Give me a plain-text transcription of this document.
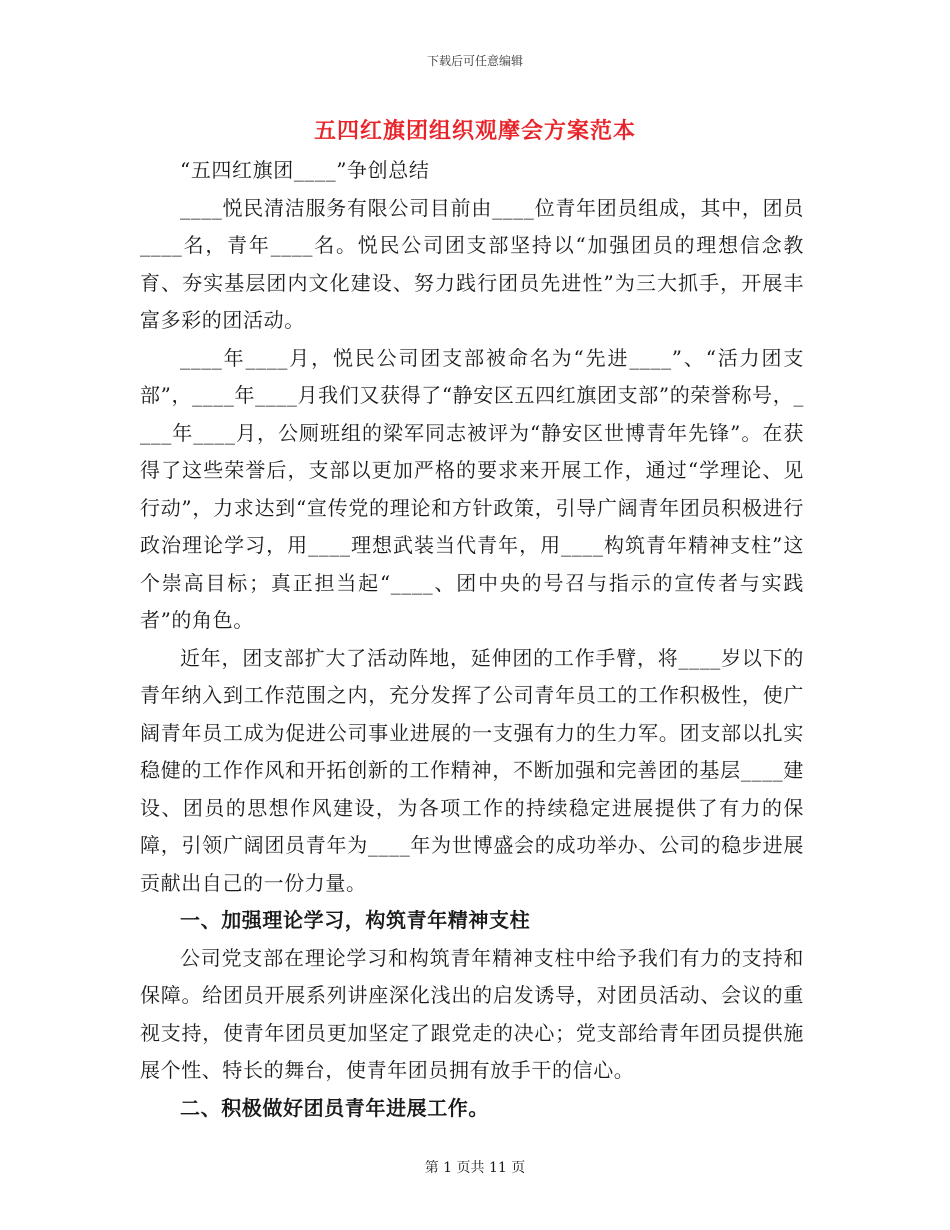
下载后可任意编辑
五四红旗团组织观摩会方案范本

“五四红旗团____”争创总结

____悦民清洁服务有限公司目前由____位青年团员组成，其中，团员____名，青年____名。悦民公司团支部坚持以“加强团员的理想信念教育、夯实基层团内文化建设、努力践行团员先进性”为三大抓手，开展丰富多彩的团活动。

____年____月，悦民公司团支部被命名为“先进____”、“活力团支部”，____年____月我们又获得了“静安区五四红旗团支部”的荣誉称号，____年____月，公厕班组的梁军同志被评为“静安区世博青年先锋”。在获得了这些荣誉后，支部以更加严格的要求来开展工作，通过“学理论、见行动”，力求达到“宣传党的理论和方针政策，引导广阔青年团员积极进行政治理论学习，用____理想武装当代青年，用____构筑青年精神支柱”这个崇高目标；真正担当起“____、团中央的号召与指示的宣传者与实践者”的角色。

近年，团支部扩大了活动阵地，延伸团的工作手臂，将____岁以下的青年纳入到工作范围之内，充分发挥了公司青年员工的工作积极性，使广阔青年员工成为促进公司事业进展的一支强有力的生力军。团支部以扎实稳健的工作作风和开拓创新的工作精神，不断加强和完善团的基层____建设、团员的思想作风建设，为各项工作的持续稳定进展提供了有力的保障，引领广阔团员青年为____年为世博盛会的成功举办、公司的稳步进展贡献出自己的一份力量。

一、加强理论学习，构筑青年精神支柱

公司党支部在理论学习和构筑青年精神支柱中给予我们有力的支持和保障。给团员开展系列讲座深化浅出的启发诱导，对团员活动、会议的重视支持，使青年团员更加坚定了跟党走的决心；党支部给青年团员提供施展个性、特长的舞台，使青年团员拥有放手干的信心。

二、积极做好团员青年进展工作。

第 1 页共 11 页
